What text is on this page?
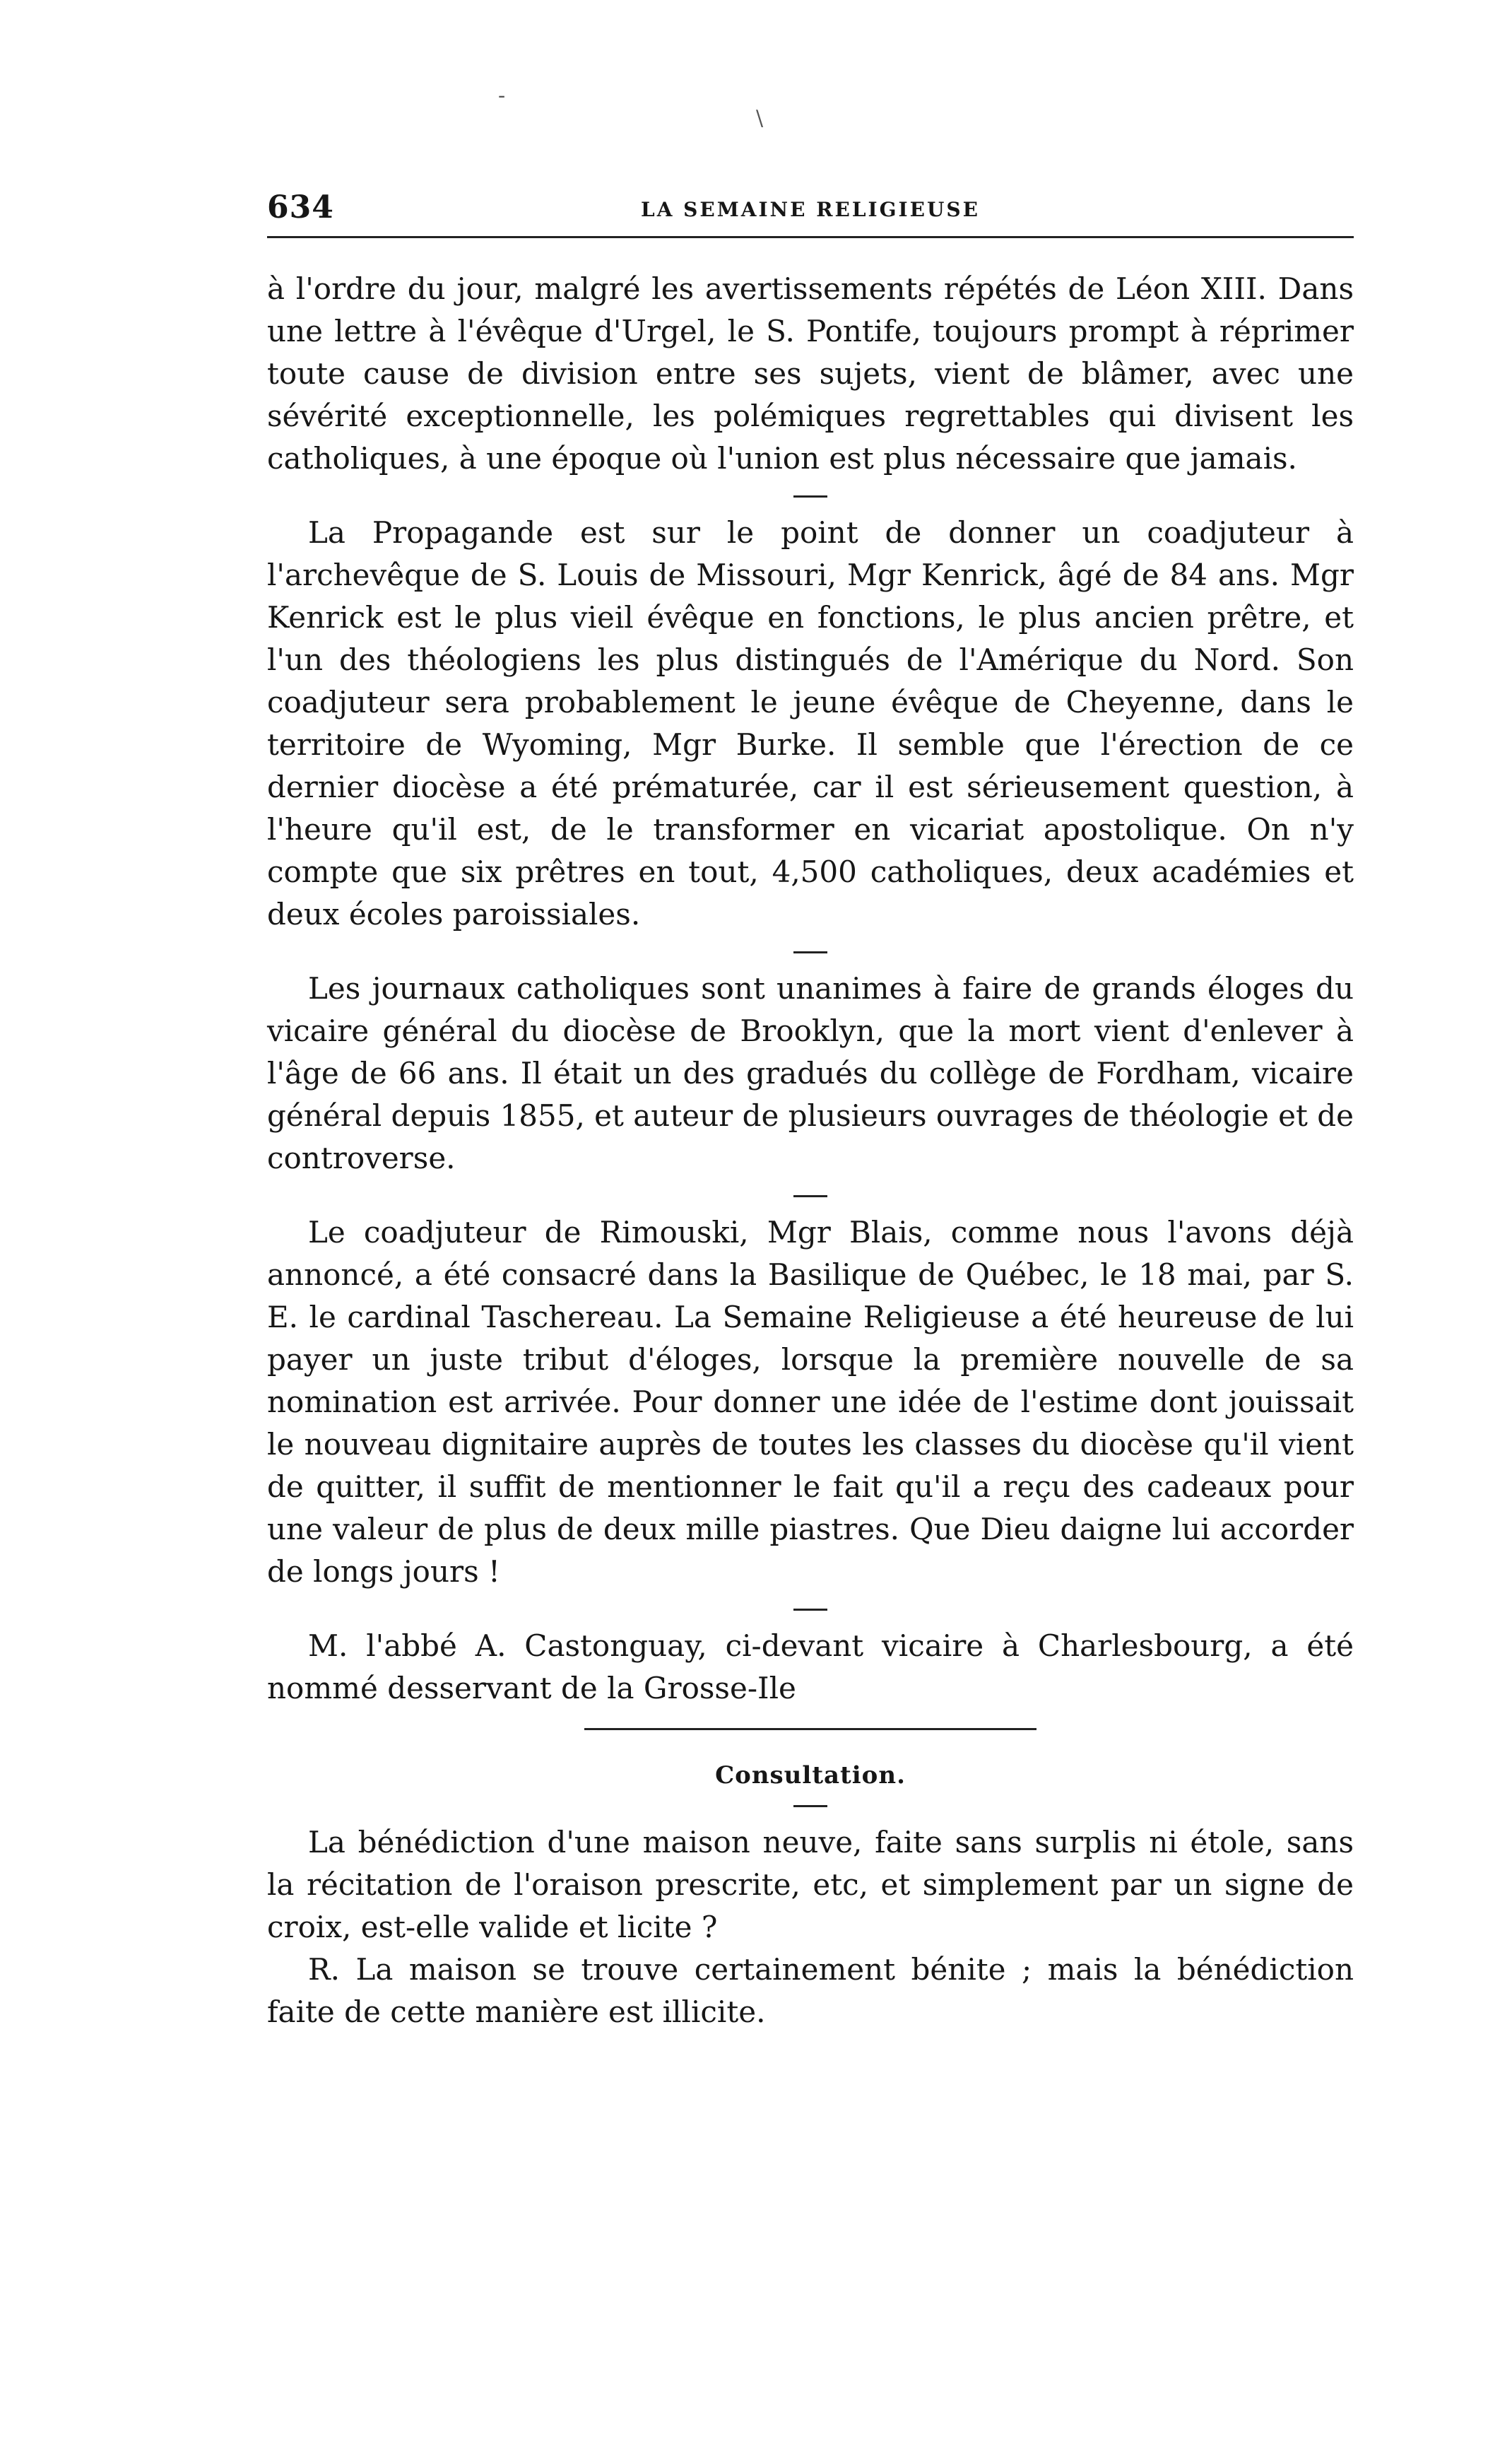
-
\
634	LA SEMAINE RELIGIEUSE

à l'ordre du jour, malgré les avertissements répétés de Léon XIII. Dans une lettre à l'évêque d'Urgel, le S. Pontife, toujours prompt à réprimer toute cause de division entre ses sujets, vient de blâmer, avec une sévérité exceptionnelle, les polémiques regrettables qui divisent les catholiques, à une époque où l'union est plus nécessaire que jamais.

La Propagande est sur le point de donner un coadjuteur à l'archevêque de S. Louis de Missouri, Mgr Kenrick, âgé de 84 ans. Mgr Kenrick est le plus vieil évêque en fonctions, le plus ancien prêtre, et l'un des théologiens les plus distingués de l'Amérique du Nord. Son coadjuteur sera probablement le jeune évêque de Cheyenne, dans le territoire de Wyoming, Mgr Burke. Il semble que l'érection de ce dernier diocèse a été prématurée, car il est sérieusement question, à l'heure qu'il est, de le transformer en vicariat apostolique. On n'y compte que six prêtres en tout, 4,500 catholiques, deux académies et deux écoles paroissiales.

Les journaux catholiques sont unanimes à faire de grands éloges du vicaire général du diocèse de Brooklyn, que la mort vient d'enlever à l'âge de 66 ans. Il était un des gradués du collège de Fordham, vicaire général depuis 1855, et auteur de plusieurs ouvrages de théologie et de controverse.

Le coadjuteur de Rimouski, Mgr Blais, comme nous l'avons déjà annoncé, a été consacré dans la Basilique de Québec, le 18 mai, par S. E. le cardinal Taschereau. La Semaine Religieuse a été heureuse de lui payer un juste tribut d'éloges, lorsque la première nouvelle de sa nomination est arrivée. Pour donner une idée de l'estime dont jouissait le nouveau dignitaire auprès de toutes les classes du diocèse qu'il vient de quitter, il suffit de mentionner le fait qu'il a reçu des cadeaux pour une valeur de plus de deux mille piastres. Que Dieu daigne lui accorder de longs jours !

M. l'abbé A. Castonguay, ci-devant vicaire à Charlesbourg, a été nommé desservant de la Grosse-Ile

Consultation.

La bénédiction d'une maison neuve, faite sans surplis ni étole, sans la récitation de l'oraison prescrite, etc, et simplement par un signe de croix, est-elle valide et licite ?

R. La maison se trouve certainement bénite ; mais la bénédiction faite de cette manière est illicite.
